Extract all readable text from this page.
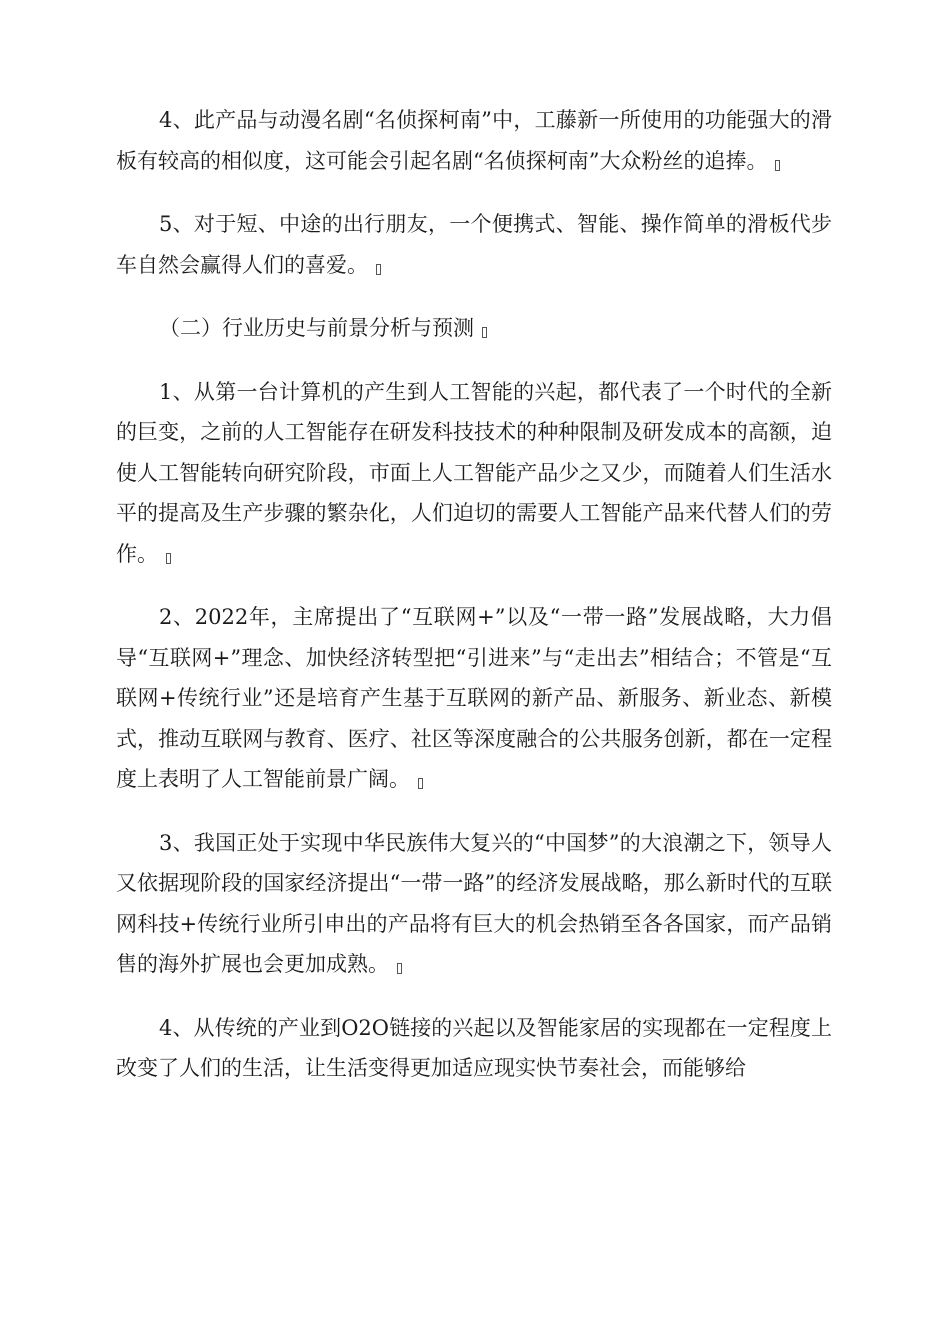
4、此产品与动漫名剧“名侦探柯南”中，工藤新一所使用的功能强大的滑板有较高的相似度，这可能会引起名剧“名侦探柯南”大众粉丝的追捧。

5、对于短、中途的出行朋友，一个便携式、智能、操作简单的滑板代步车自然会赢得人们的喜爱。

（二）行业历史与前景分析与预测

1、从第一台计算机的产生到人工智能的兴起，都代表了一个时代的全新的巨变，之前的人工智能存在研发科技技术的种种限制及研发成本的高额，迫使人工智能转向研究阶段，市面上人工智能产品少之又少，而随着人们生活水平的提高及生产步骤的繁杂化，人们迫切的需要人工智能产品来代替人们的劳作。

2、2022年，主席提出了“互联网+”以及“一带一路”发展战略，大力倡导“互联网+”理念、加快经济转型把“引进来”与“走出去”相结合；不管是“互联网+传统行业”还是培育产生基于互联网的新产品、新服务、新业态、新模式，推动互联网与教育、医疗、社区等深度融合的公共服务创新，都在一定程度上表明了人工智能前景广阔。

3、我国正处于实现中华民族伟大复兴的“中国梦”的大浪潮之下，领导人又依据现阶段的国家经济提出“一带一路”的经济发展战略，那么新时代的互联网科技+传统行业所引申出的产品将有巨大的机会热销至各各国家，而产品销售的海外扩展也会更加成熟。

4、从传统的产业到O2O链接的兴起以及智能家居的实现都在一定程度上改变了人们的生活，让生活变得更加适应现实快节奏社会，而能够给
